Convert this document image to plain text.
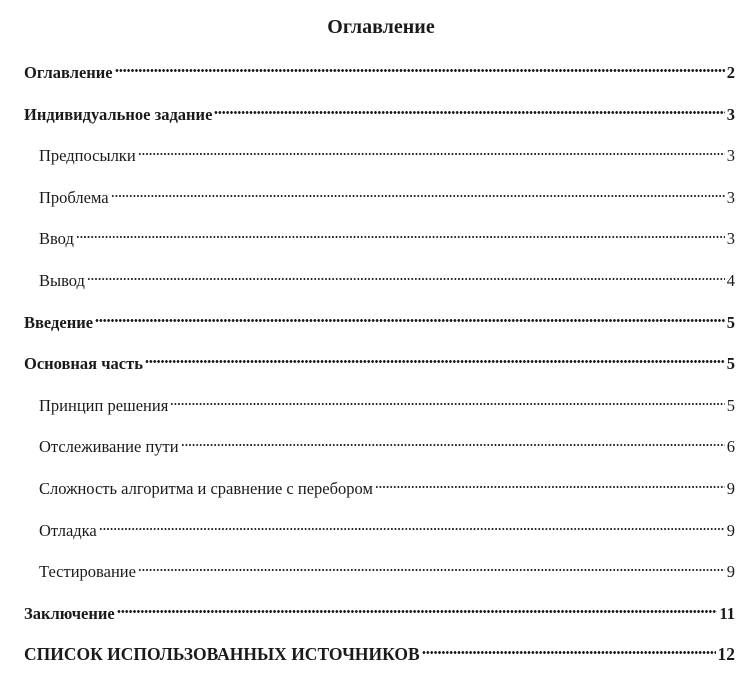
Оглавление
Оглавление	2
Индивидуальное задание	3
Предпосылки	3
Проблема	3
Ввод	3
Вывод	4
Введение	5
Основная часть	5
Принцип решения	5
Отслеживание пути	6
Сложность алгоритма и сравнение с перебором	9
Отладка	9
Тестирование	9
Заключение	11
СПИСОК ИСПОЛЬЗОВАННЫХ ИСТОЧНИКОВ	12
